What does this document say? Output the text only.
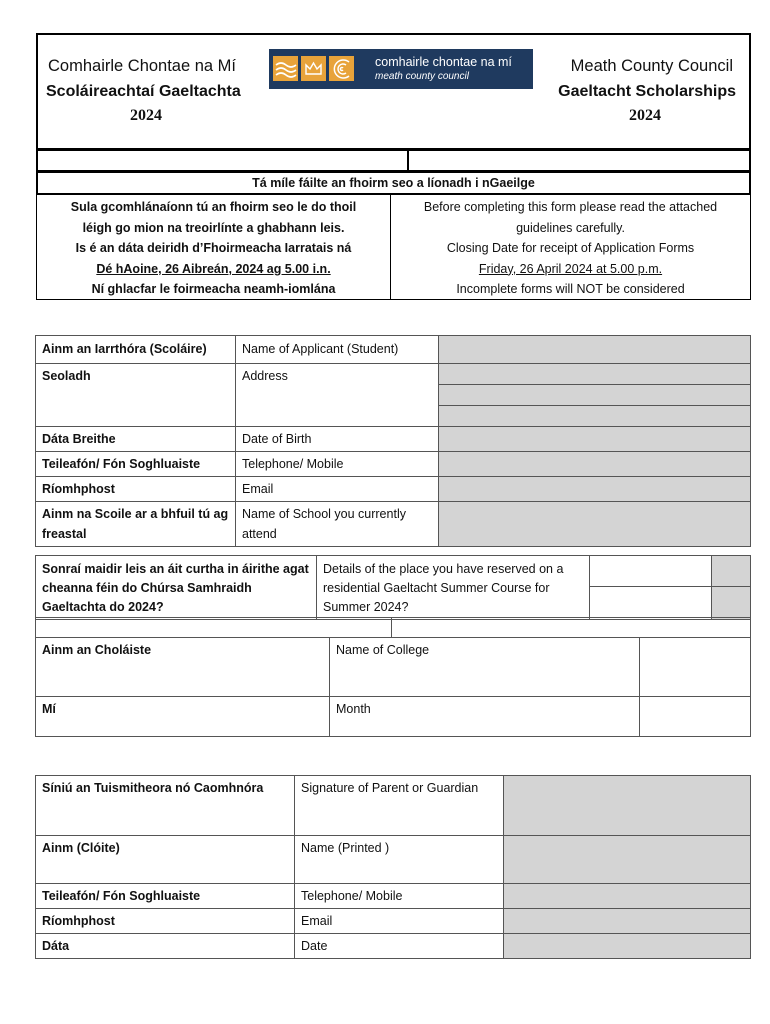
Comhairle Chontae na Mí
Scoláireachtaí Gaeltachta
2024
comhairle chontae na mí
meath county council
Meath County Council
Gaeltacht Scholarships
2024
Tá míle fáilte an fhoirm seo a líonadh i nGaeilge
Sula gcomhlánaíonn tú an fhoirm seo le do thoil
léigh go mion na treoirlínte a ghabhann leis.
Is é an dáta deiridh d’Fhoirmeacha Iarratais ná
Dé hAoine, 26 Aibreán, 2024 ag 5.00 i.n.
Ní ghlacfar le foirmeacha neamh-iomlána
Before completing this form please read the attached
guidelines carefully.
Closing Date for receipt of Application Forms
Friday, 26 April 2024 at 5.00 p.m.
Incomplete forms will NOT be considered
Ainm an Iarrthóra (Scoláire)	Name of Applicant (Student)	
Seoladh	Address	

Dáta Breithe	Date of Birth	
Teileafón/ Fón Soghluaiste	Telephone/ Mobile	
Ríomhphost	Email	
Ainm na Scoile ar a bhfuil tú ag freastal	Name of School you currently attend	
Sonraí maidir leis an áit curtha in áirithe agat cheanna féin do Chúrsa Samhraidh Gaeltachta do 2024?	Details of the place you have reserved on a residential Gaeltacht Summer Course for Summer 2024?		

Ainm an Choláiste	Name of College	
Mí	Month	
Síniú an Tuismitheora nó Caomhnóra	Signature of Parent or Guardian	
Ainm (Clóite)	Name (Printed )	
Teileafón/ Fón Soghluaiste	Telephone/ Mobile	
Ríomhphost	Email	
Dáta	Date	
